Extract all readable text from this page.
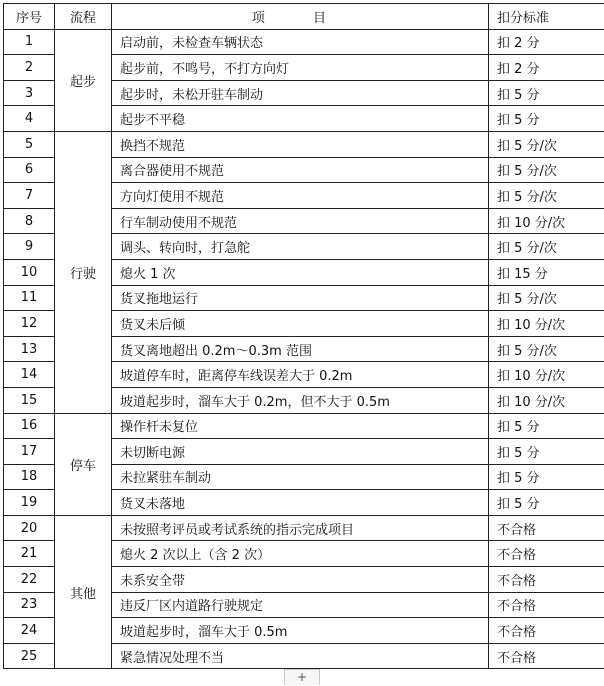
序号	流程	项 目	扣分标准
1	起步	启动前，未检查车辆状态	扣 2 分
2		起步前，不鸣号，不打方向灯	扣 2 分
3		起步时，未松开驻车制动	扣 5 分
4		起步不平稳	扣 5 分
5	行驶	换挡不规范	扣 5 分/次
6		离合器使用不规范	扣 5 分/次
7		方向灯使用不规范	扣 5 分/次
8		行车制动使用不规范	扣 10 分/次
9		调头、转向时，打急舵	扣 5 分/次
10		熄火 1 次	扣 15 分
11		货叉拖地运行	扣 5 分/次
12		货叉未后倾	扣 10 分/次
13		货叉离地超出 0.2m～0.3m 范围	扣 5 分/次
14		坡道停车时，距离停车线误差大于 0.2m	扣 10 分/次
15		坡道起步时，溜车大于 0.2m，但不大于 0.5m	扣 10 分/次
16	停车	操作杆未复位	扣 5 分
17		未切断电源	扣 5 分
18		未拉紧驻车制动	扣 5 分
19		货叉未落地	扣 5 分
20	其他	未按照考评员或考试系统的指示完成项目	不合格
21		熄火 2 次以上（含 2 次）	不合格
22		未系安全带	不合格
23		违反厂区内道路行驶规定	不合格
24		坡道起步时，溜车大于 0.5m	不合格
25		紧急情况处理不当	不合格
+
